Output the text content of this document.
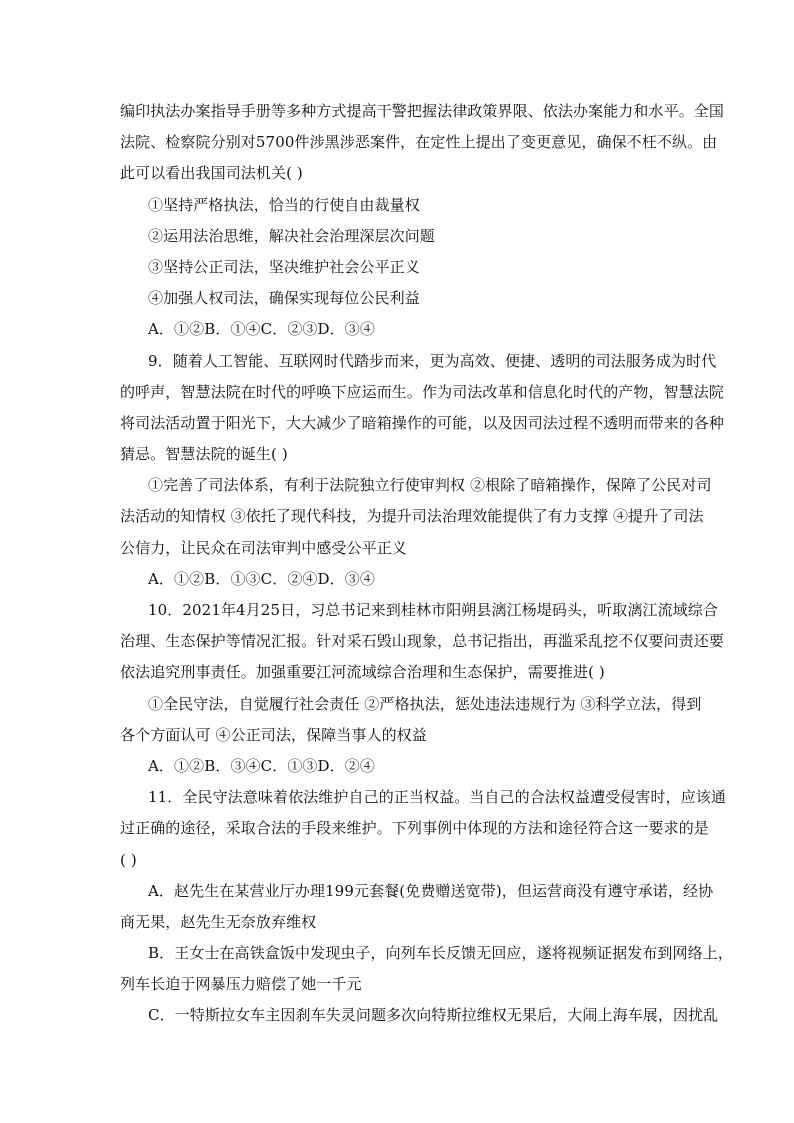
编印执法办案指导手册等多种方式提高干警把握法律政策界限、依法办案能力和水平。全国
法院、检察院分别对5700件涉黑涉恶案件，在定性上提出了变更意见，确保不枉不纵。由
此可以看出我国司法机关( )
①坚持严格执法，恰当的行使自由裁量权
②运用法治思维，解决社会治理深层次问题
③坚持公正司法，坚决维护社会公平正义
④加强人权司法，确保实现每位公民利益
A．①②B．①④C．②③D．③④
9．随着人工智能、互联网时代踏步而来，更为高效、便捷、透明的司法服务成为时代
的呼声，智慧法院在时代的呼唤下应运而生。作为司法改革和信息化时代的产物，智慧法院
将司法活动置于阳光下，大大减少了暗箱操作的可能，以及因司法过程不透明而带来的各种
猜忌。智慧法院的诞生( )
①完善了司法体系，有利于法院独立行使审判权 ②根除了暗箱操作，保障了公民对司
法活动的知情权 ③依托了现代科技，为提升司法治理效能提供了有力支撑 ④提升了司法
公信力，让民众在司法审判中感受公平正义
A．①②B．①③C．②④D．③④
10．2021年4月25日，习总书记来到桂林市阳朔县漓江杨堤码头，听取漓江流域综合
治理、生态保护等情况汇报。针对采石毁山现象，总书记指出，再滥采乱挖不仅要问责还要
依法追究刑事责任。加强重要江河流域综合治理和生态保护，需要推进( )
①全民守法，自觉履行社会责任 ②严格执法，惩处违法违规行为 ③科学立法，得到
各个方面认可 ④公正司法，保障当事人的权益
A．①②B．③④C．①③D．②④
11．全民守法意味着依法维护自己的正当权益。当自己的合法权益遭受侵害时，应该通
过正确的途径，采取合法的手段来维护。下列事例中体现的方法和途径符合这一要求的是
( )
A．赵先生在某营业厅办理199元套餐(免费赠送宽带)，但运营商没有遵守承诺，经协
商无果，赵先生无奈放弃维权
B．王女士在高铁盒饭中发现虫子，向列车长反馈无回应，遂将视频证据发布到网络上，
列车长迫于网暴压力赔偿了她一千元
C．一特斯拉女车主因刹车失灵问题多次向特斯拉维权无果后，大闹上海车展，因扰乱
